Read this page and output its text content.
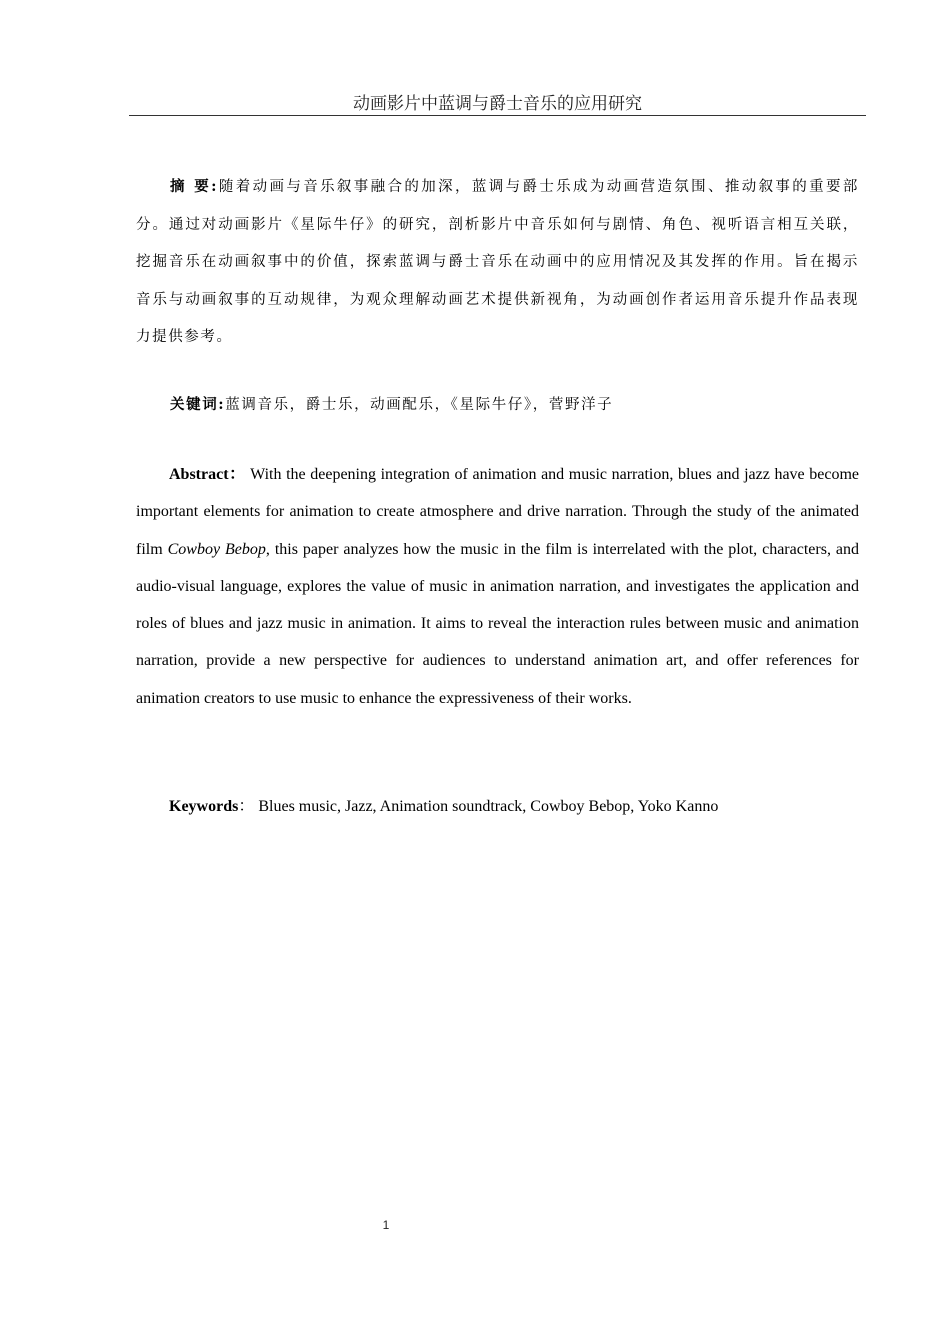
动画影片中蓝调与爵士音乐的应用研究
摘 要:随着动画与音乐叙事融合的加深，蓝调与爵士乐成为动画营造氛围、推动叙事的重要部分。通过对动画影片《星际牛仔》的研究，剖析影片中音乐如何与剧情、角色、视听语言相互关联，挖掘音乐在动画叙事中的价值，探索蓝调与爵士音乐在动画中的应用情况及其发挥的作用。旨在揭示音乐与动画叙事的互动规律，为观众理解动画艺术提供新视角，为动画创作者运用音乐提升作品表现力提供参考。
关键词:蓝调音乐，爵士乐，动画配乐，《星际牛仔》，菅野洋子
Abstract： With the deepening integration of animation and music narration, blues and jazz have become important elements for animation to create atmosphere and drive narration. Through the study of the animated film Cowboy Bebop, this paper analyzes how the music in the film is interrelated with the plot, characters, and audio-visual language, explores the value of music in animation narration, and investigates the application and roles of blues and jazz music in animation. It aims to reveal the interaction rules between music and animation narration, provide a new perspective for audiences to understand animation art, and offer references for animation creators to use music to enhance the expressiveness of their works.
Keywords： Blues music, Jazz, Animation soundtrack, Cowboy Bebop, Yoko Kanno
1
